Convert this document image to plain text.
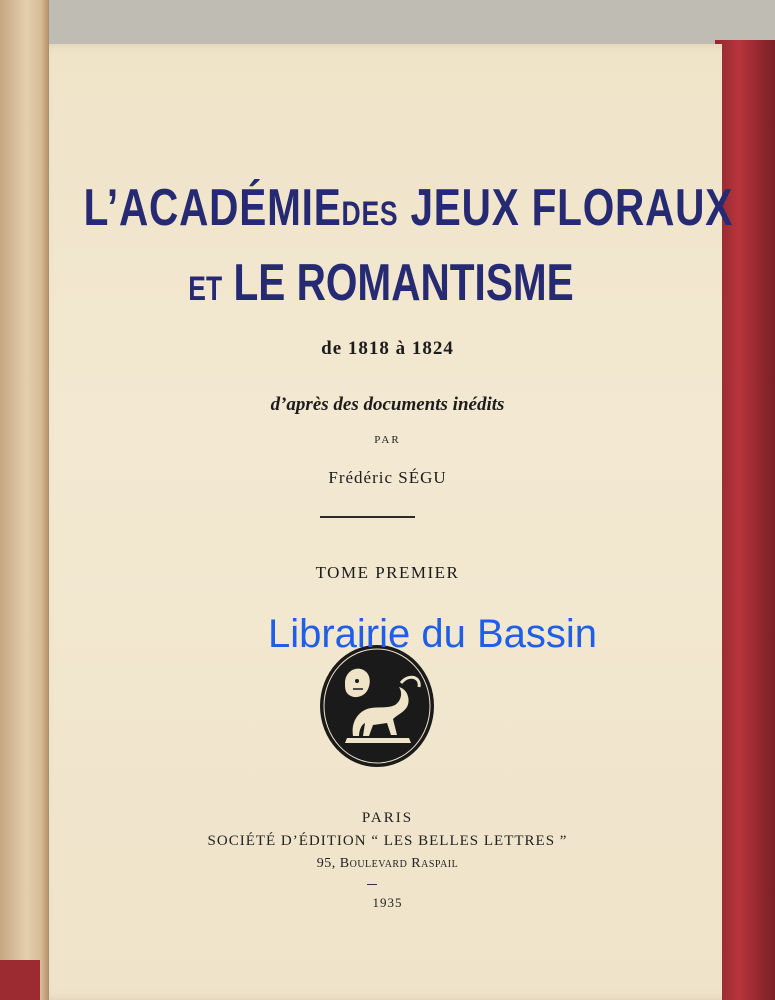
L’ACADÉMIEDES JEUX FLORAUX
ET LE ROMANTISME
de 1818 à 1824
d’après des documents inédits
PAR
Frédéric SÉGU
TOME PREMIER
Librairie du Bassin
PARIS
SOCIÉTÉ D’ÉDITION “ LES BELLES LETTRES ”
95, Boulevard Raspail
1935
